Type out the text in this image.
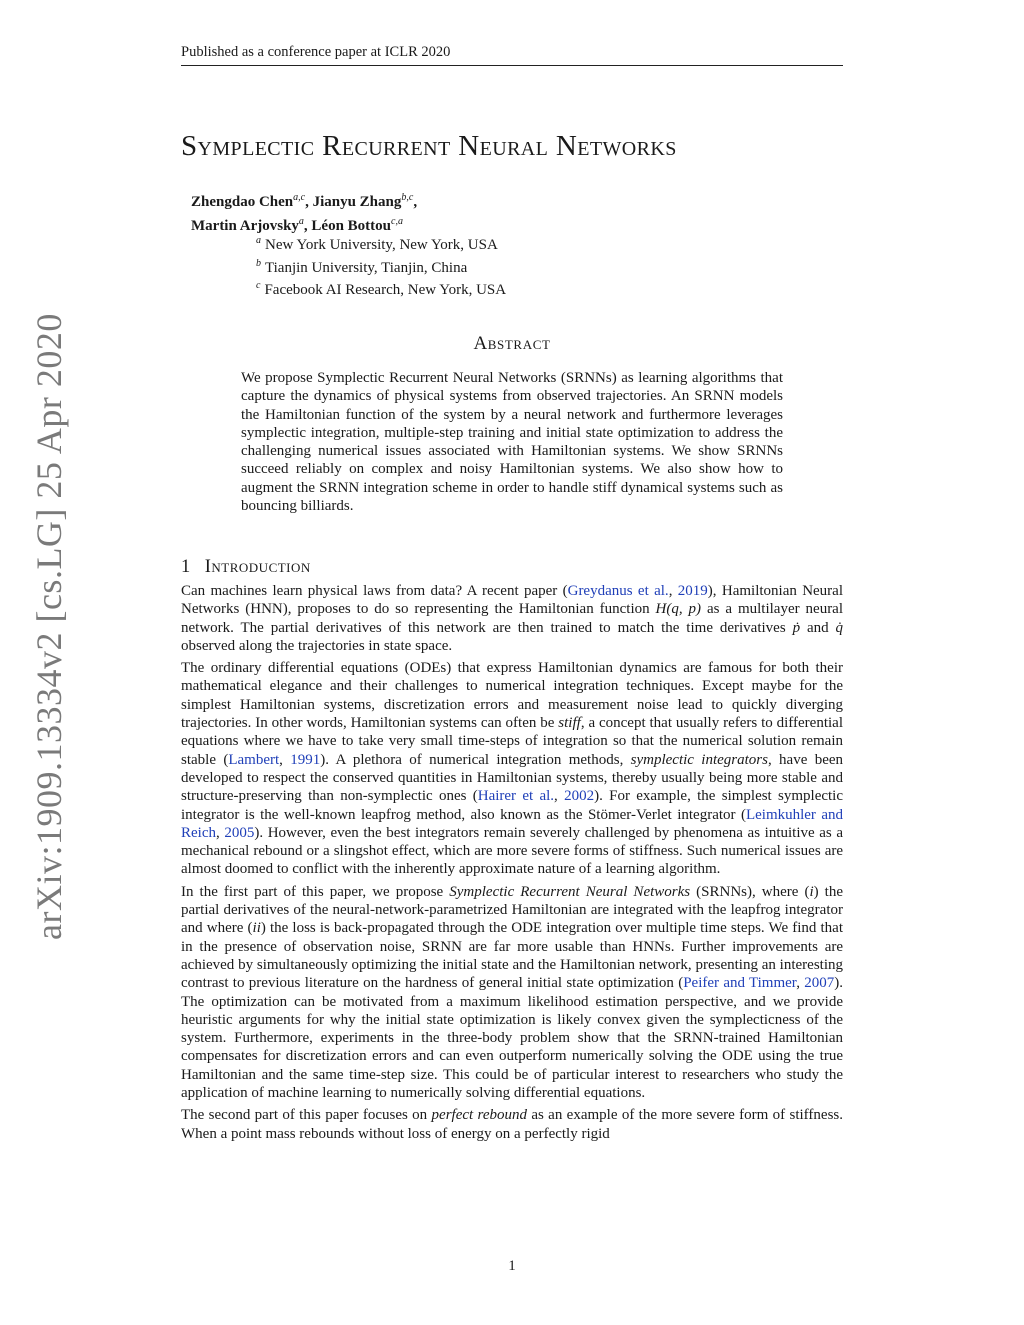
Published as a conference paper at ICLR 2020
Symplectic Recurrent Neural Networks
Zhengdao Chen$^{a,c}$, Jianyu Zhang$^{b,c}$,
Martin Arjovsky$^a$, Léon Bottou$^{c,a}$
$^a$ New York University, New York, USA
$^b$ Tianjin University, Tianjin, China
$^c$ Facebook AI Research, New York, USA
Abstract
We propose Symplectic Recurrent Neural Networks (SRNNs) as learning algorithms that capture the dynamics of physical systems from observed trajectories. An SRNN models the Hamiltonian function of the system by a neural network and furthermore leverages symplectic integration, multiple-step training and initial state optimization to address the challenging numerical issues associated with Hamiltonian systems. We show SRNNs succeed reliably on complex and noisy Hamiltonian systems. We also show how to augment the SRNN integration scheme in order to handle stiff dynamical systems such as bouncing billiards.
1 Introduction

Can machines learn physical laws from data? A recent paper (Greydanus et al., 2019), Hamiltonian Neural Networks (HNN), proposes to do so representing the Hamiltonian function H(q, p) as a multilayer neural network. The partial derivatives of this network are then trained to match the time derivatives ṗ and q̇ observed along the trajectories in state space.

The ordinary differential equations (ODEs) that express Hamiltonian dynamics are famous for both their mathematical elegance and their challenges to numerical integration techniques. Except maybe for the simplest Hamiltonian systems, discretization errors and measurement noise lead to quickly diverging trajectories. In other words, Hamiltonian systems can often be stiff, a concept that usually refers to differential equations where we have to take very small time-steps of integration so that the numerical solution remain stable (Lambert, 1991). A plethora of numerical integration methods, symplectic integrators, have been developed to respect the conserved quantities in Hamiltonian systems, thereby usually being more stable and structure-preserving than non-symplectic ones (Hairer et al., 2002). For example, the simplest symplectic integrator is the well-known leapfrog method, also known as the Stömer-Verlet integrator (Leimkuhler and Reich, 2005). However, even the best integrators remain severely challenged by phenomena as intuitive as a mechanical rebound or a slingshot effect, which are more severe forms of stiffness. Such numerical issues are almost doomed to conflict with the inherently approximate nature of a learning algorithm.

In the first part of this paper, we propose Symplectic Recurrent Neural Networks (SRNNs), where (i) the partial derivatives of the neural-network-parametrized Hamiltonian are integrated with the leapfrog integrator and where (ii) the loss is back-propagated through the ODE integration over multiple time steps. We find that in the presence of observation noise, SRNN are far more usable than HNNs. Further improvements are achieved by simultaneously optimizing the initial state and the Hamiltonian network, presenting an interesting contrast to previous literature on the hardness of general initial state optimization (Peifer and Timmer, 2007). The optimization can be motivated from a maximum likelihood estimation perspective, and we provide heuristic arguments for why the initial state optimization is likely convex given the symplecticness of the system. Furthermore, experiments in the three-body problem show that the SRNN-trained Hamiltonian compensates for discretization errors and can even outperform numerically solving the ODE using the true Hamiltonian and the same time-step size. This could be of particular interest to researchers who study the application of machine learning to numerically solving differential equations.

The second part of this paper focuses on perfect rebound as an example of the more severe form of stiffness. When a point mass rebounds without loss of energy on a perfectly rigid

1
arXiv:1909.13334v2 [cs.LG] 25 Apr 2020
